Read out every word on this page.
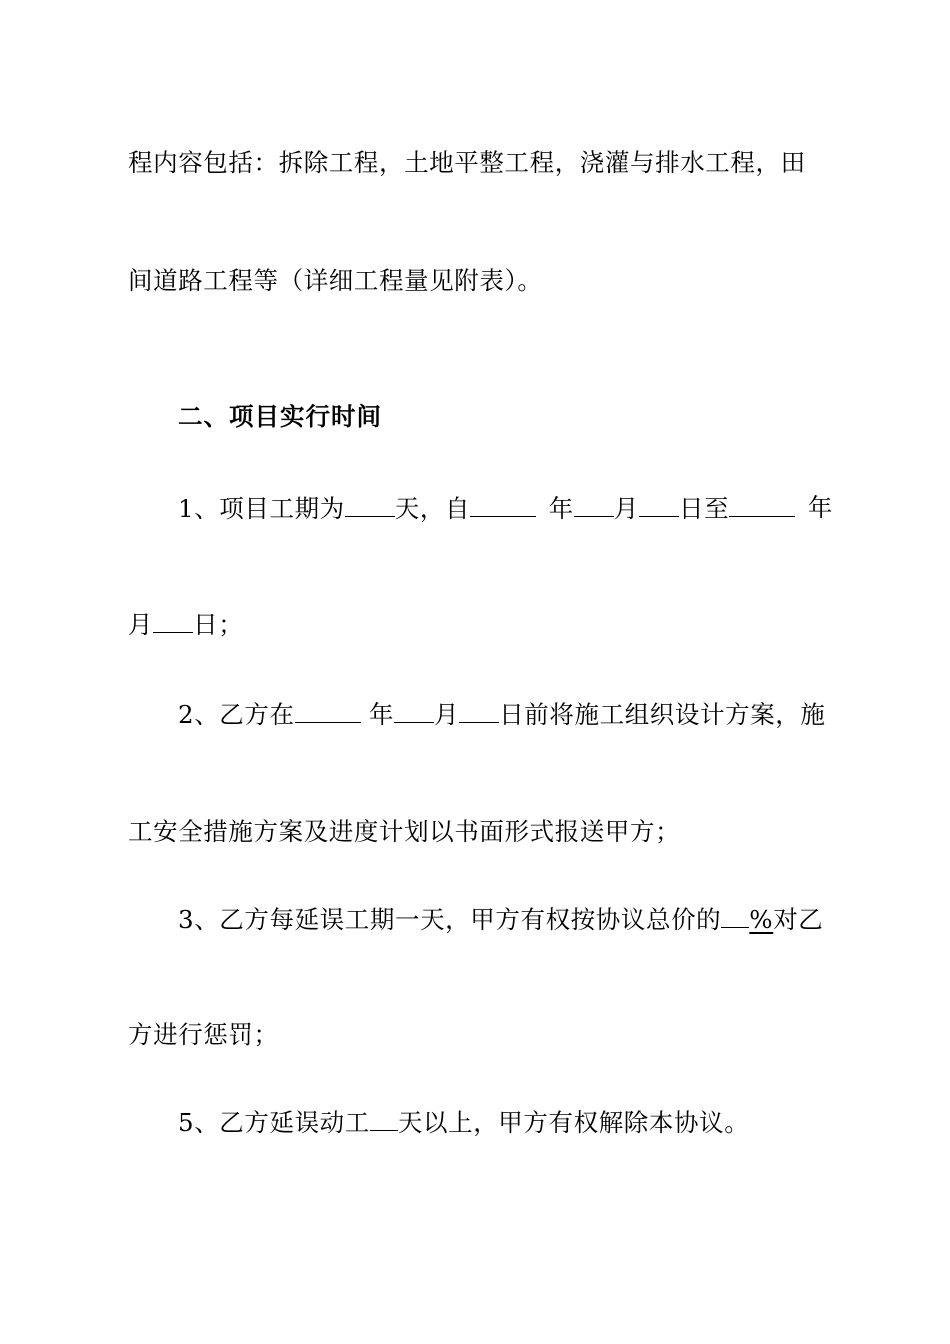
程内容包括：拆除工程，土地平整工程，浇灌与排水工程，田
间道路工程等（详细工程量见附表）。
二、项目实行时间
1、项目工期为 天，自	年 月 日至	年
月 日；
2、乙方在	年 月 日前将施工组织设计方案，施
工安全措施方案及进度计划以书面形式报送甲方；
3、乙方每延误工期一天，甲方有权按协议总价的 %对乙
方进行惩罚；
5、乙方延误动工 天以上，甲方有权解除本协议。
